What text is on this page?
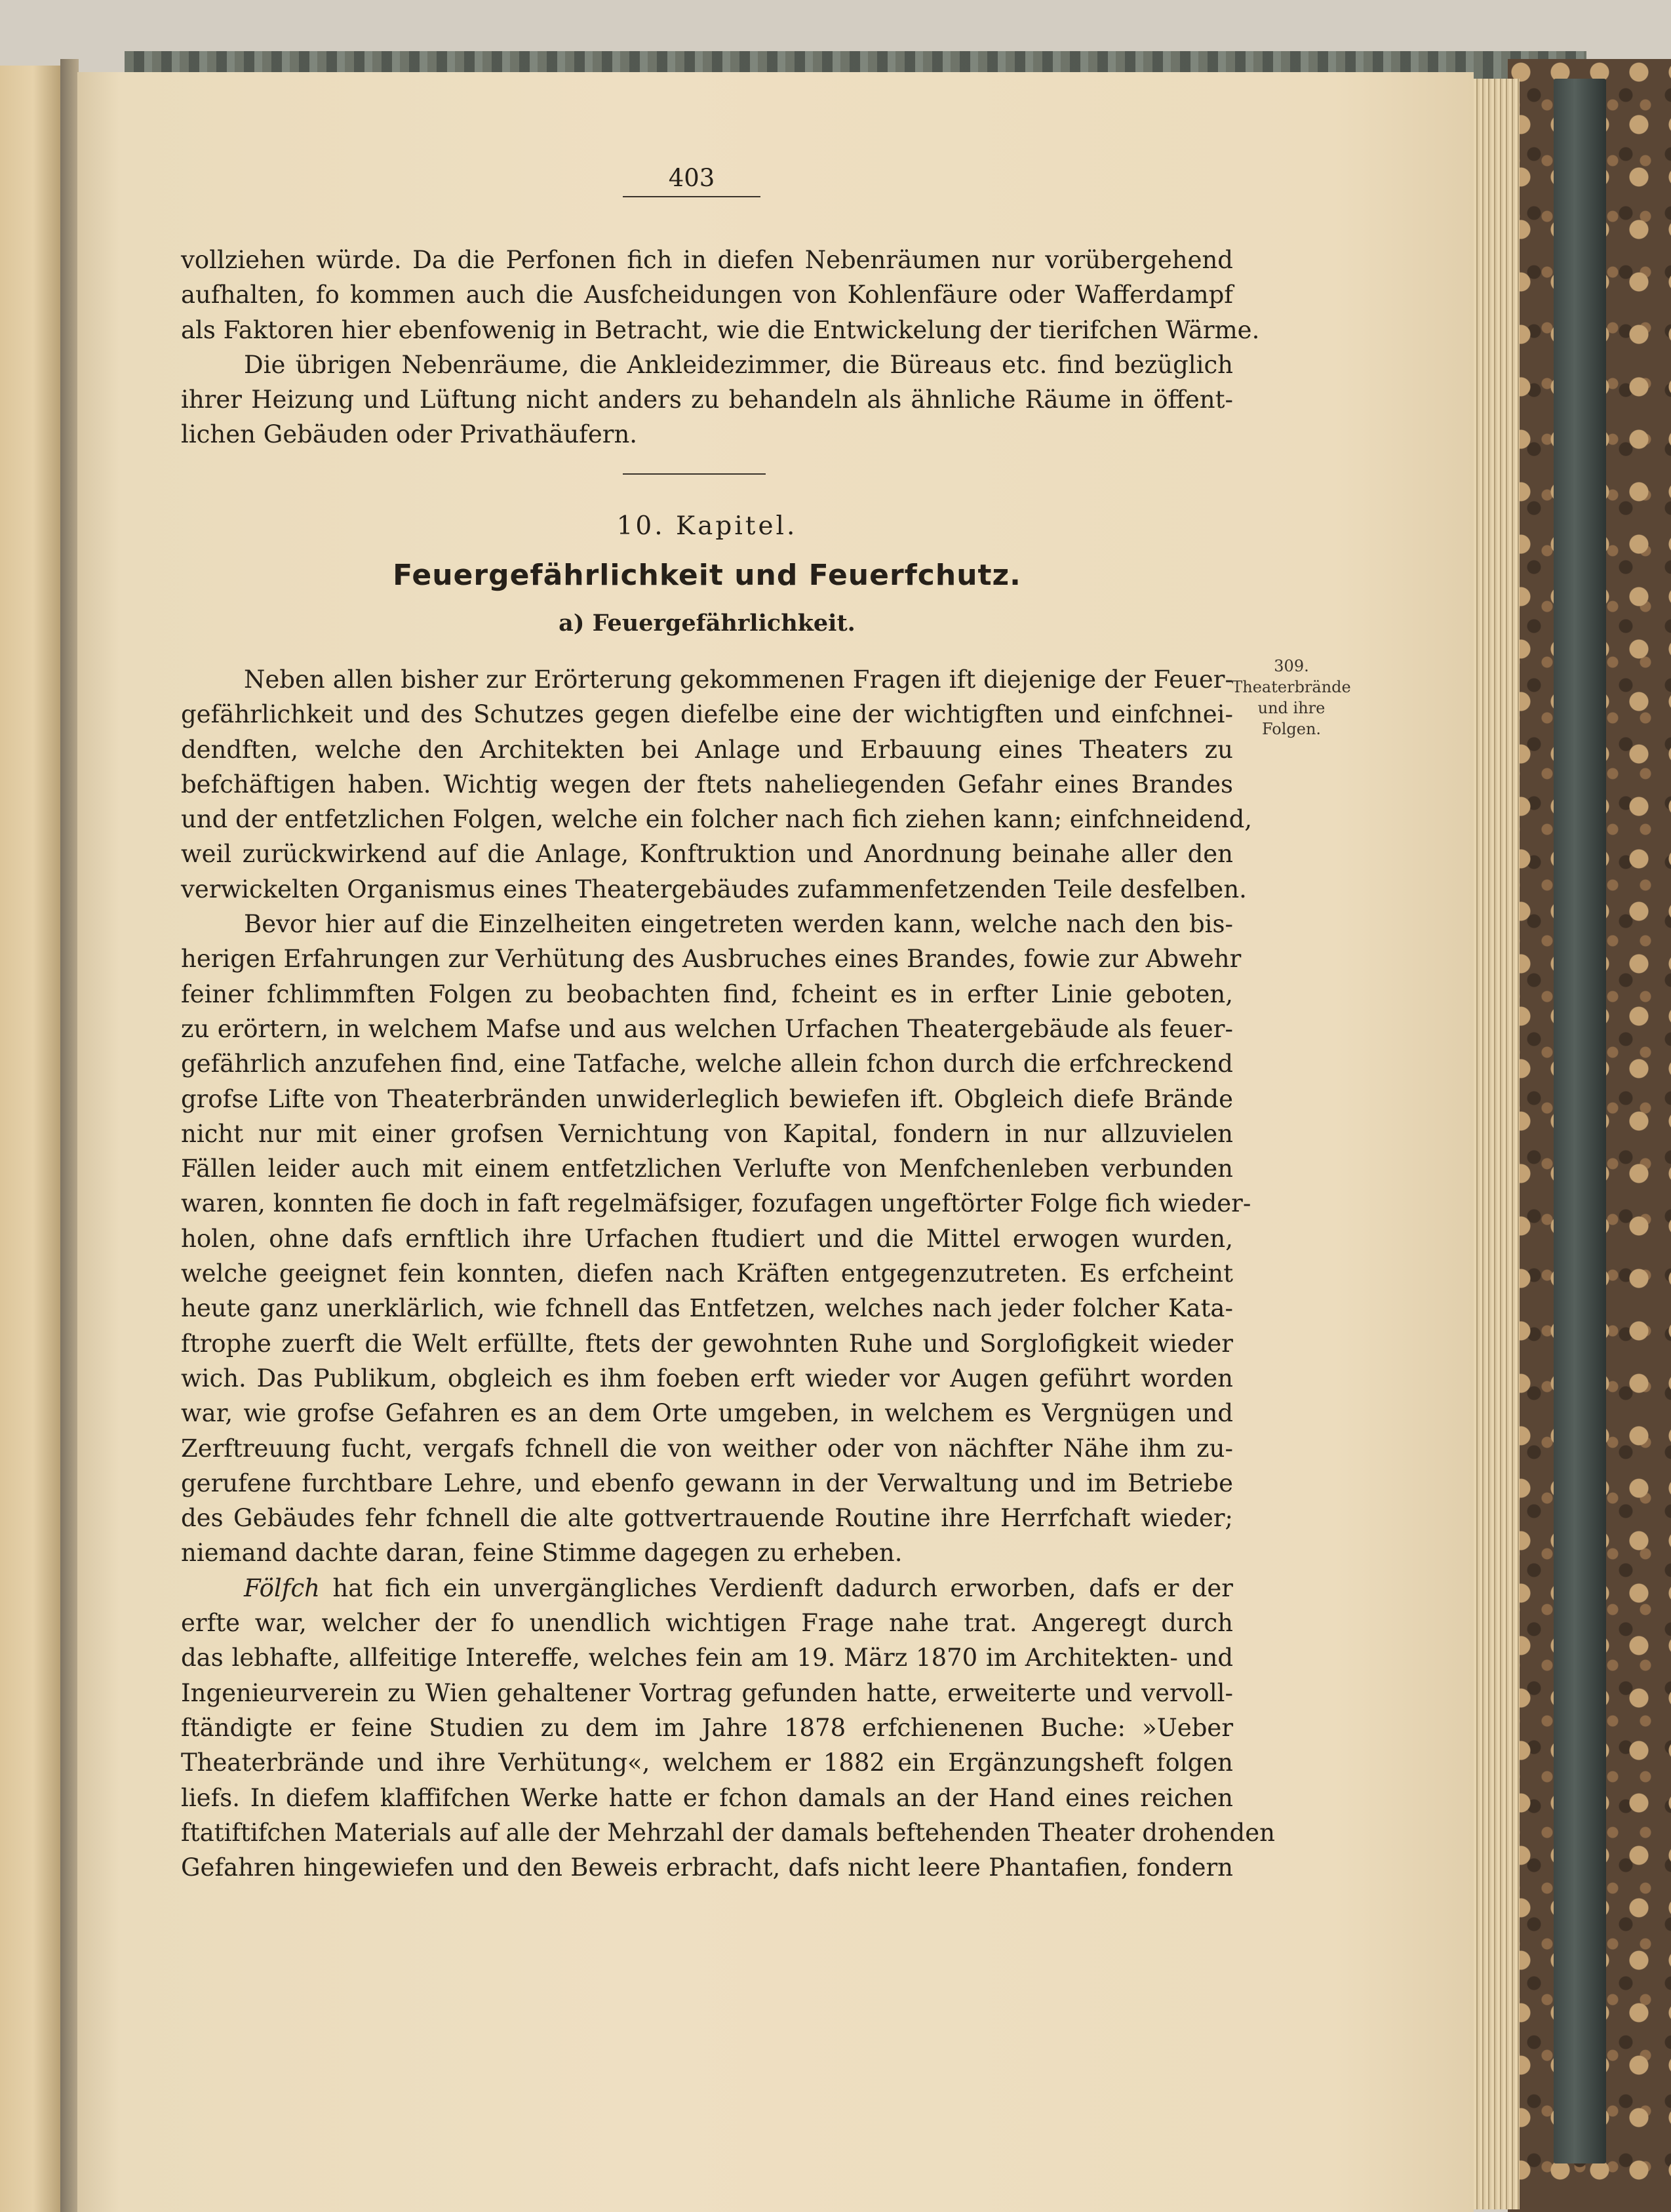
403
vollziehen würde. Da die Perfonen fich in diefen Nebenräumen nur vorübergehend
aufhalten, fo kommen auch die Ausfcheidungen von Kohlenfäure oder Wafferdampf
als Faktoren hier ebenfowenig in Betracht, wie die Entwickelung der tierifchen Wärme.
Die übrigen Nebenräume, die Ankleidezimmer, die Büreaus etc. find bezüglich
ihrer Heizung und Lüftung nicht anders zu behandeln als ähnliche Räume in öffent-
lichen Gebäuden oder Privathäufern.
10. Kapitel.
Feuergefährlichkeit und Feuerfchutz.
a) Feuergefährlichkeit.
309.
Theaterbrände
und ihre
Folgen.
Neben allen bisher zur Erörterung gekommenen Fragen ift diejenige der Feuer-
gefährlichkeit und des Schutzes gegen diefelbe eine der wichtigften und einfchnei-
dendften, welche den Architekten bei Anlage und Erbauung eines Theaters zu
befchäftigen haben. Wichtig wegen der ftets naheliegenden Gefahr eines Brandes
und der entfetzlichen Folgen, welche ein folcher nach fich ziehen kann; einfchneidend,
weil zurückwirkend auf die Anlage, Konftruktion und Anordnung beinahe aller den
verwickelten Organismus eines Theatergebäudes zufammenfetzenden Teile desfelben.
Bevor hier auf die Einzelheiten eingetreten werden kann, welche nach den bis-
herigen Erfahrungen zur Verhütung des Ausbruches eines Brandes, fowie zur Abwehr
feiner fchlimmften Folgen zu beobachten find, fcheint es in erfter Linie geboten,
zu erörtern, in welchem Mafse und aus welchen Urfachen Theatergebäude als feuer-
gefährlich anzufehen find, eine Tatfache, welche allein fchon durch die erfchreckend
grofse Lifte von Theaterbränden unwiderleglich bewiefen ift. Obgleich diefe Brände
nicht nur mit einer grofsen Vernichtung von Kapital, fondern in nur allzuvielen
Fällen leider auch mit einem entfetzlichen Verlufte von Menfchenleben verbunden
waren, konnten fie doch in faft regelmäfsiger, fozufagen ungeftörter Folge fich wieder-
holen, ohne dafs ernftlich ihre Urfachen ftudiert und die Mittel erwogen wurden,
welche geeignet fein konnten, diefen nach Kräften entgegenzutreten. Es erfcheint
heute ganz unerklärlich, wie fchnell das Entfetzen, welches nach jeder folcher Kata-
ftrophe zuerft die Welt erfüllte, ftets der gewohnten Ruhe und Sorglofigkeit wieder
wich. Das Publikum, obgleich es ihm foeben erft wieder vor Augen geführt worden
war, wie grofse Gefahren es an dem Orte umgeben, in welchem es Vergnügen und
Zerftreuung fucht, vergafs fchnell die von weither oder von nächfter Nähe ihm zu-
gerufene furchtbare Lehre, und ebenfo gewann in der Verwaltung und im Betriebe
des Gebäudes fehr fchnell die alte gottvertrauende Routine ihre Herrfchaft wieder;
niemand dachte daran, feine Stimme dagegen zu erheben.
Fölfch hat fich ein unvergängliches Verdienft dadurch erworben, dafs er der
erfte war, welcher der fo unendlich wichtigen Frage nahe trat. Angeregt durch
das lebhafte, allfeitige Intereffe, welches fein am 19. März 1870 im Architekten- und
Ingenieurverein zu Wien gehaltener Vortrag gefunden hatte, erweiterte und vervoll-
ftändigte er feine Studien zu dem im Jahre 1878 erfchienenen Buche: »Ueber
Theaterbrände und ihre Verhütung«, welchem er 1882 ein Ergänzungsheft folgen
liefs. In diefem klaffifchen Werke hatte er fchon damals an der Hand eines reichen
ftatiftifchen Materials auf alle der Mehrzahl der damals beftehenden Theater drohenden
Gefahren hingewiefen und den Beweis erbracht, dafs nicht leere Phantafien, fondern
